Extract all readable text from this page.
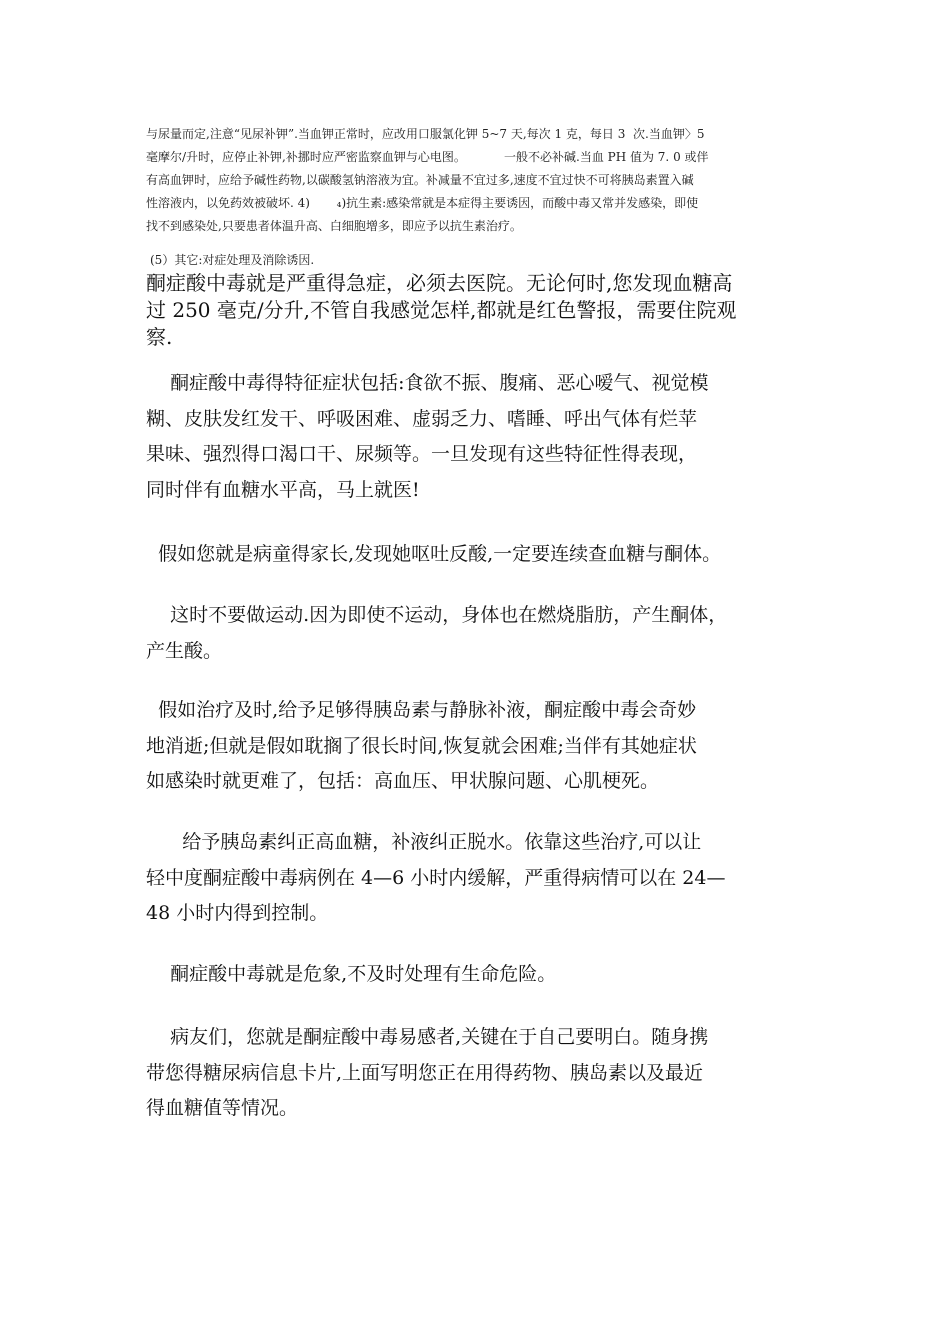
与尿量而定,注意“见尿补钾”.当血钾正常时，应改用口服氯化钾 5~7 天,每次 1 克，每日 3  次.当血钾〉5
毫摩尔/升时，应停止补钾,补挪时应严密监察血钾与心电图。          一般不必补碱.当血 PH 值为 7. 0 或伴
有高血钾时，应给予碱性药物,以碳酸氢钠溶液为宜。补减量不宜过多,速度不宜过快不可将胰岛素置入碱
性溶液内，以免药效被破坏. 4)       ₄)抗生素:感染常就是本症得主要诱因，而酸中毒又常并发感染，即使
找不到感染处,只要患者体温升高、白细胞增多，即应予以抗生素治疗。
(5）其它:对症处理及消除诱因.
酮症酸中毒就是严重得急症，必须去医院。无论何时,您发现血糖高
过 250 毫克/分升,不管自我感觉怎样,都就是红色警报，需要住院观
察.
酮症酸中毒得特征症状包括:食欲不振、腹痛、恶心嗳气、视觉模
糊、皮肤发红发干、呼吸困难、虚弱乏力、嗜睡、呼出气体有烂苹
果味、强烈得口渴口干、尿频等。一旦发现有这些特征性得表现，
同时伴有血糖水平高，马上就医!
假如您就是病童得家长,发现她呕吐反酸,一定要连续查血糖与酮体。
这时不要做运动.因为即使不运动，身体也在燃烧脂肪，产生酮体，
产生酸。
假如治疗及时,给予足够得胰岛素与静脉补液，酮症酸中毒会奇妙
地消逝;但就是假如耽搁了很长时间,恢复就会困难;当伴有其她症状
如感染时就更难了，包括：高血压、甲状腺问题、心肌梗死。
给予胰岛素纠正高血糖，补液纠正脱水。依靠这些治疗,可以让
轻中度酮症酸中毒病例在 4—6 小时内缓解，严重得病情可以在 24—
48 小时内得到控制。
酮症酸中毒就是危象,不及时处理有生命危险。
病友们，您就是酮症酸中毒易感者,关键在于自己要明白。随身携
带您得糖尿病信息卡片,上面写明您正在用得药物、胰岛素以及最近
得血糖值等情况。
